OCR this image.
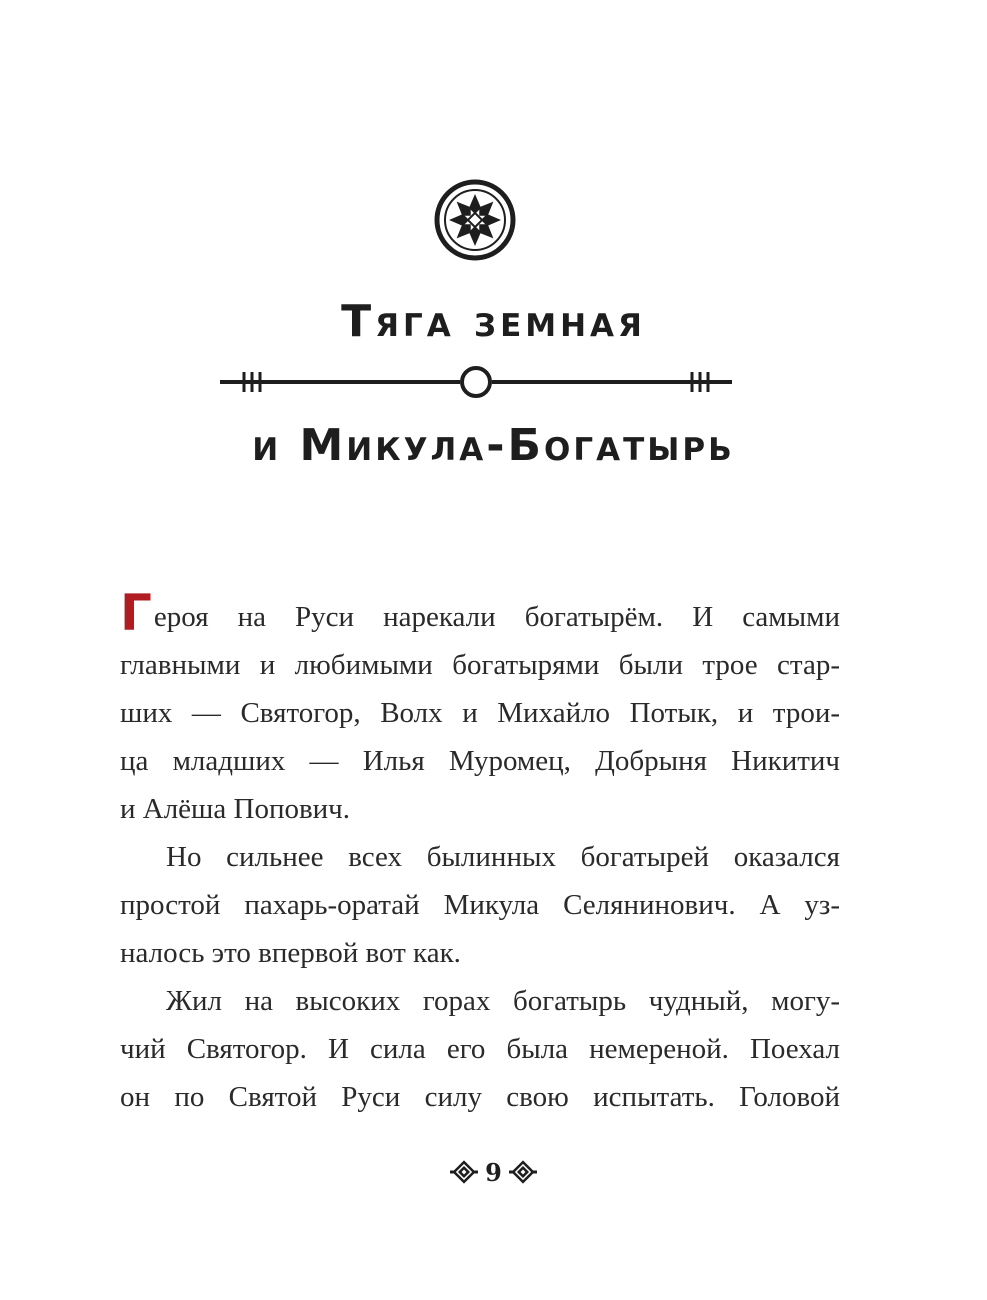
Тяга земная
и Микула-Богатырь
Героя на Руси нарекали богатырём. И самыми
главными и любимыми богатырями были трое стар-
ших — Святогор, Волх и Михайло Потык, и трои-
ца младших — Илья Муромец, Добрыня Никитич
и Алёша Попович.
Но сильнее всех былинных богатырей оказался
простой пахарь-оратай Микула Селянинович. А уз-
налось это впервой вот как.
Жил на высоких горах богатырь чудный, могу-
чий Святогор. И сила его была немереной. Поехал
он по Святой Руси силу свою испытать. Головой
9
